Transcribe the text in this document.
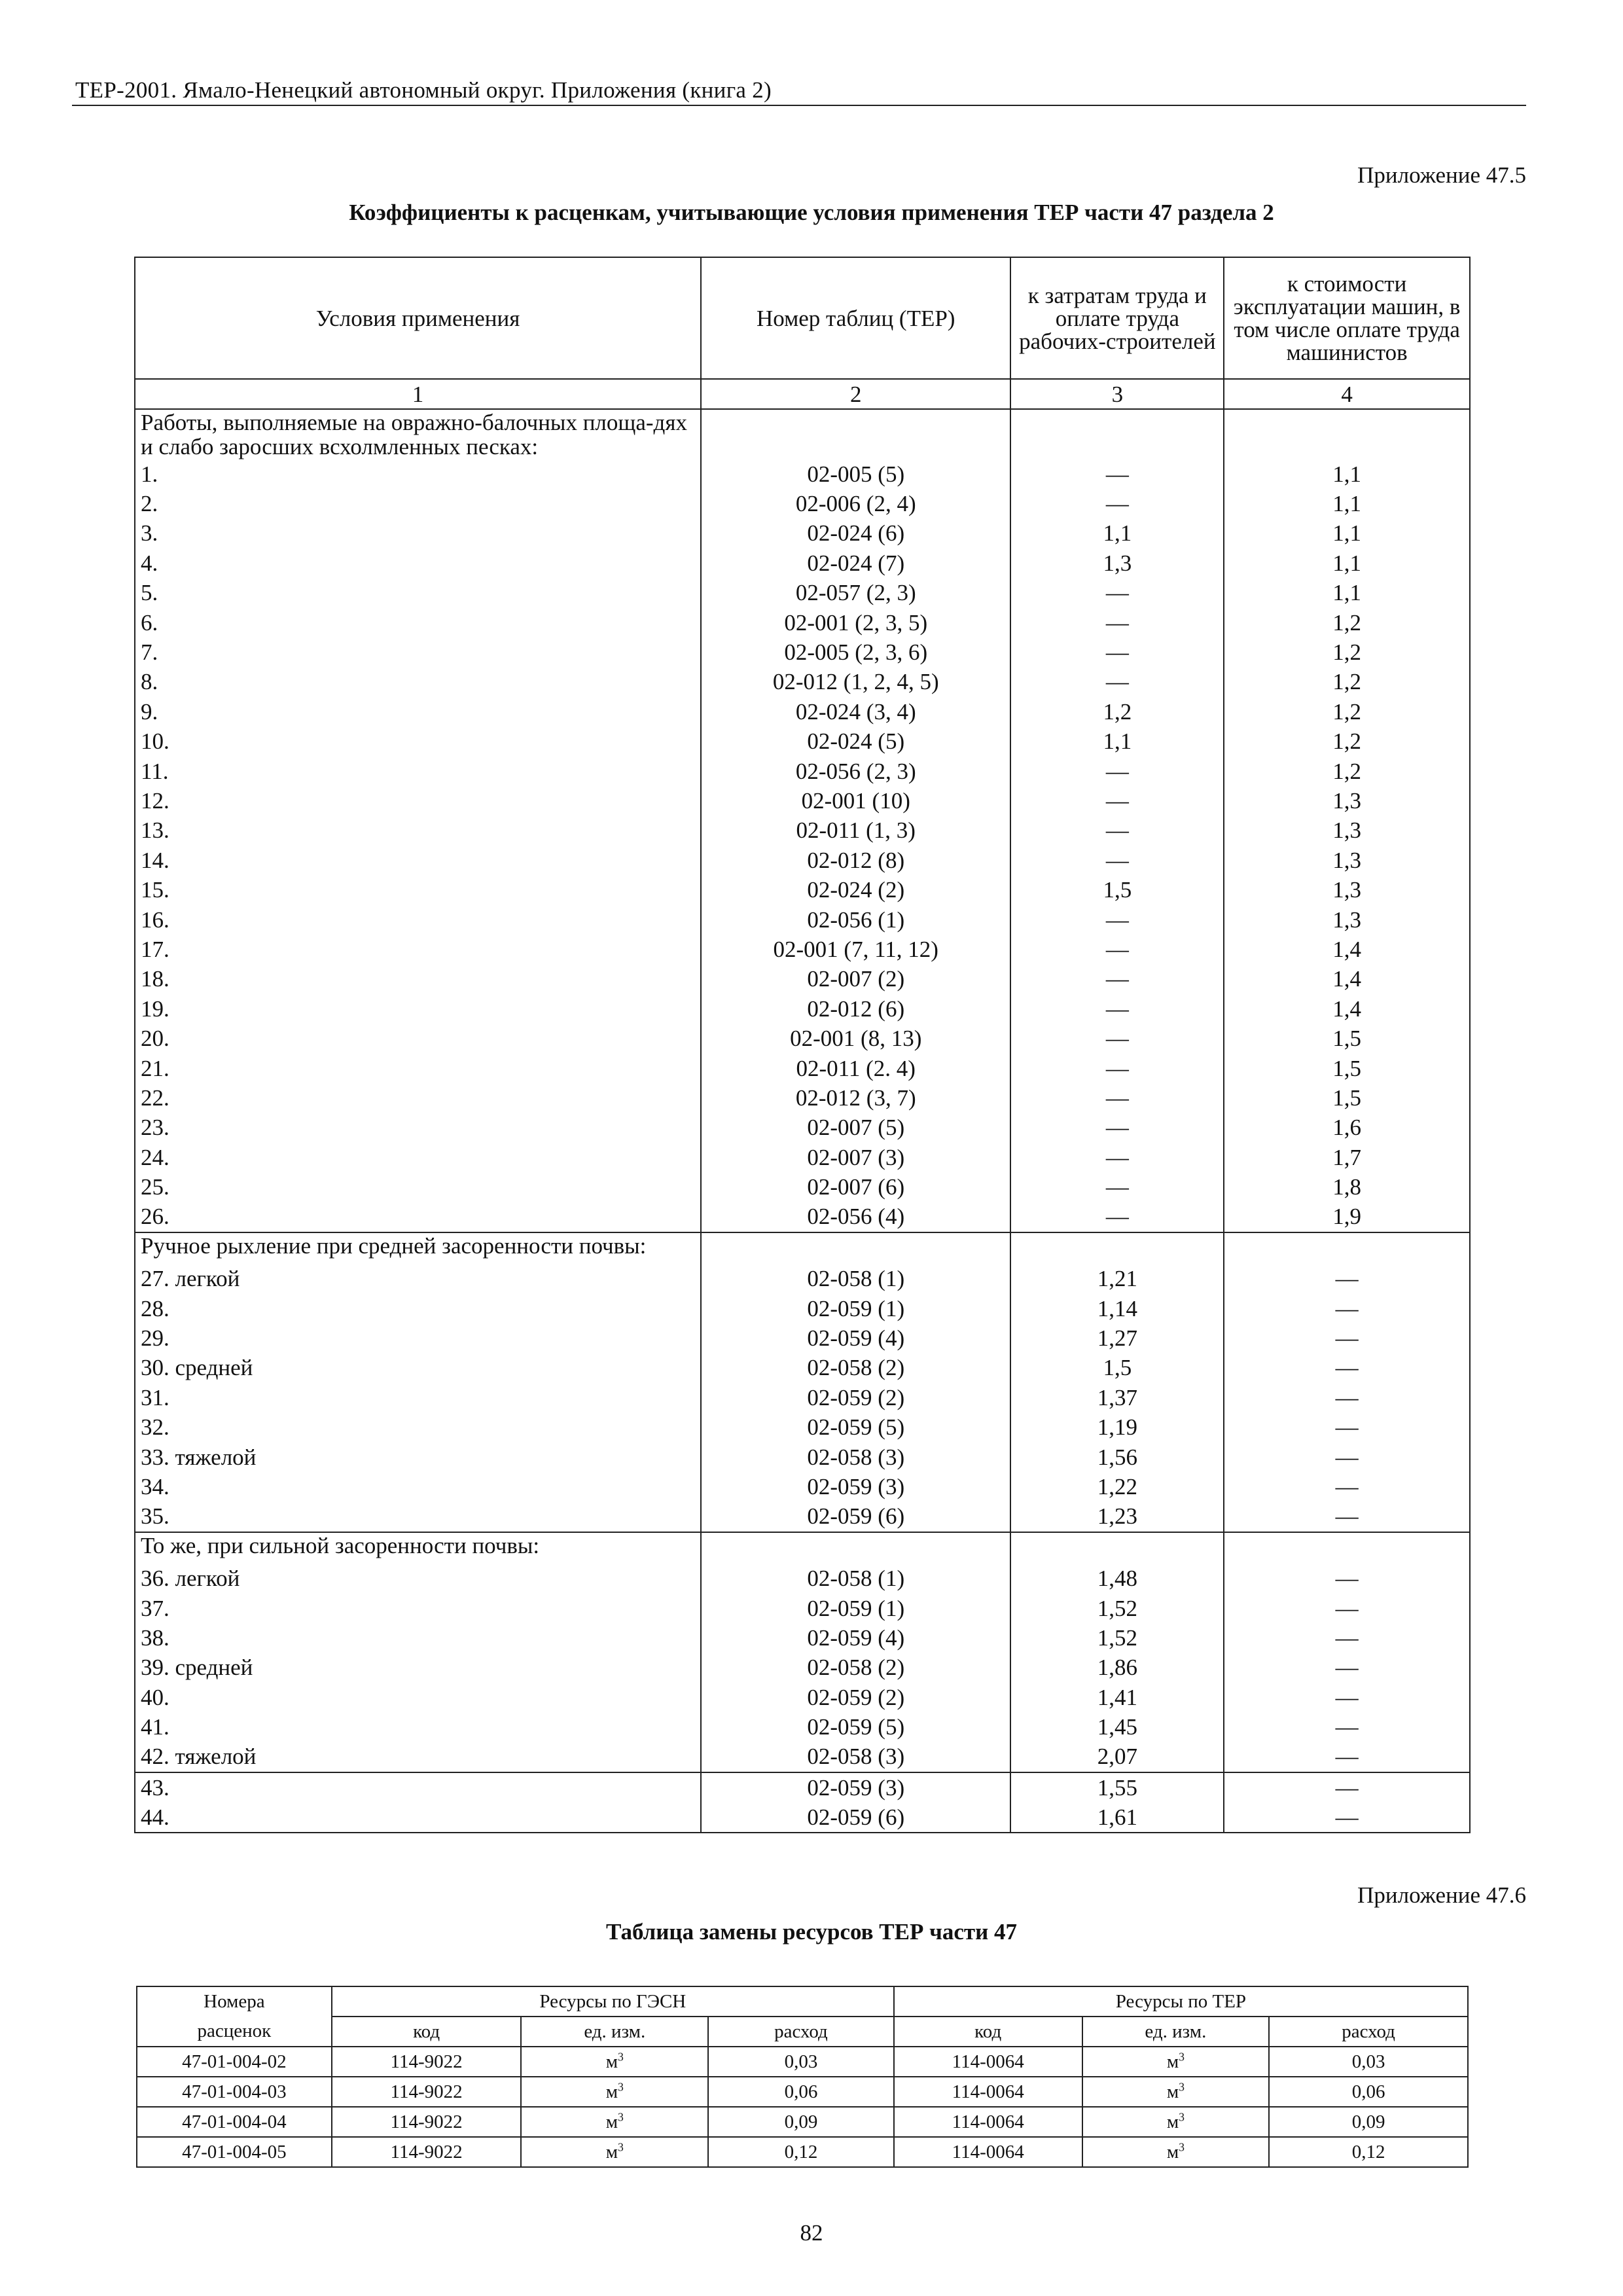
ТЕР-2001. Ямало-Ненецкий автономный округ. Приложения (книга 2)
Приложение 47.5
Коэффициенты к расценкам, учитывающие условия применения ТЕР части 47 раздела 2
Условия применения	Номер таблиц (ТЕР)	к затратам труда и оплате труда рабочих-строителей	к стоимости эксплуатации машин, в том числе оплате труда машинистов
1	2	3	4
Работы, выполняемые на овражно-балочных площа-дях и слабо заросших всхолмленных песках:			
1.	02-005 (5)	—	1,1
2.	02-006 (2, 4)	—	1,1
3.	02-024 (6)	1,1	1,1
4.	02-024 (7)	1,3	1,1
5.	02-057 (2, 3)	—	1,1
6.	02-001 (2, 3, 5)	—	1,2
7.	02-005 (2, 3, 6)	—	1,2
8.	02-012 (1, 2, 4, 5)	—	1,2
9.	02-024 (3, 4)	1,2	1,2
10.	02-024 (5)	1,1	1,2
11.	02-056 (2, 3)	—	1,2
12.	02-001 (10)	—	1,3
13.	02-011 (1, 3)	—	1,3
14.	02-012 (8)	—	1,3
15.	02-024 (2)	1,5	1,3
16.	02-056 (1)	—	1,3
17.	02-001 (7, 11, 12)	—	1,4
18.	02-007 (2)	—	1,4
19.	02-012 (6)	—	1,4
20.	02-001 (8, 13)	—	1,5
21.	02-011 (2. 4)	—	1,5
22.	02-012 (3, 7)	—	1,5
23.	02-007 (5)	—	1,6
24.	02-007 (3)	—	1,7
25.	02-007 (6)	—	1,8
26.	02-056 (4)	—	1,9
Ручное рыхление при средней засоренности почвы:			
27. легкой	02-058 (1)	1,21	—
28.	02-059 (1)	1,14	—
29.	02-059 (4)	1,27	—
30. средней	02-058 (2)	1,5	—
31.	02-059 (2)	1,37	—
32.	02-059 (5)	1,19	—
33. тяжелой	02-058 (3)	1,56	—
34.	02-059 (3)	1,22	—
35.	02-059 (6)	1,23	—
То же, при сильной засоренности почвы:			
36. легкой	02-058 (1)	1,48	—
37.	02-059 (1)	1,52	—
38.	02-059 (4)	1,52	—
39. средней	02-058 (2)	1,86	—
40.	02-059 (2)	1,41	—
41.	02-059 (5)	1,45	—
42. тяжелой	02-058 (3)	2,07	—
43.	02-059 (3)	1,55	—
44.	02-059 (6)	1,61	—
Приложение 47.6
Таблица замены ресурсов ТЕР части 47
Номера	Ресурсы по ГЭСН			Ресурсы по ТЕР		
расценок	код	ед. изм.	расход	код	ед. изм.	расход
47-01-004-02	114-9022	$м^3$	0,03	114-0064	$м^3$	0,03
47-01-004-03	114-9022	$м^3$	0,06	114-0064	$м^3$	0,06
47-01-004-04	114-9022	$м^3$	0,09	114-0064	$м^3$	0,09
47-01-004-05	114-9022	$м^3$	0,12	114-0064	$м^3$	0,12
82
